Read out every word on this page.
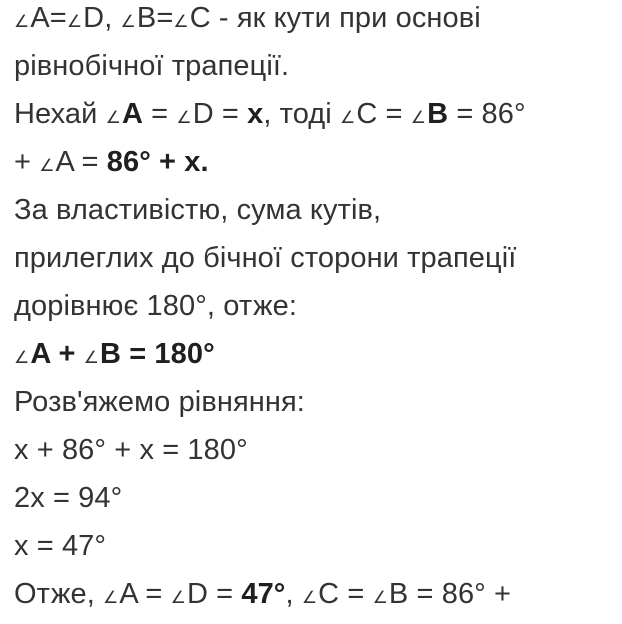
∠A=∠D, ∠B=∠C - як кути при основі
рівнобічної трапеції.
Нехай ∠A = ∠D = x, тоді ∠C = ∠B = 86°
+ ∠A = 86° + x.
За властивістю, сума кутів,
прилеглих до бічної сторони трапеції
дорівнює 180°, отже:
∠A + ∠B = 180°
Розв'яжемо рівняння:
x + 86° + x = 180°
2x = 94°
x = 47°
Отже, ∠A = ∠D = 47°, ∠C = ∠B = 86° +
